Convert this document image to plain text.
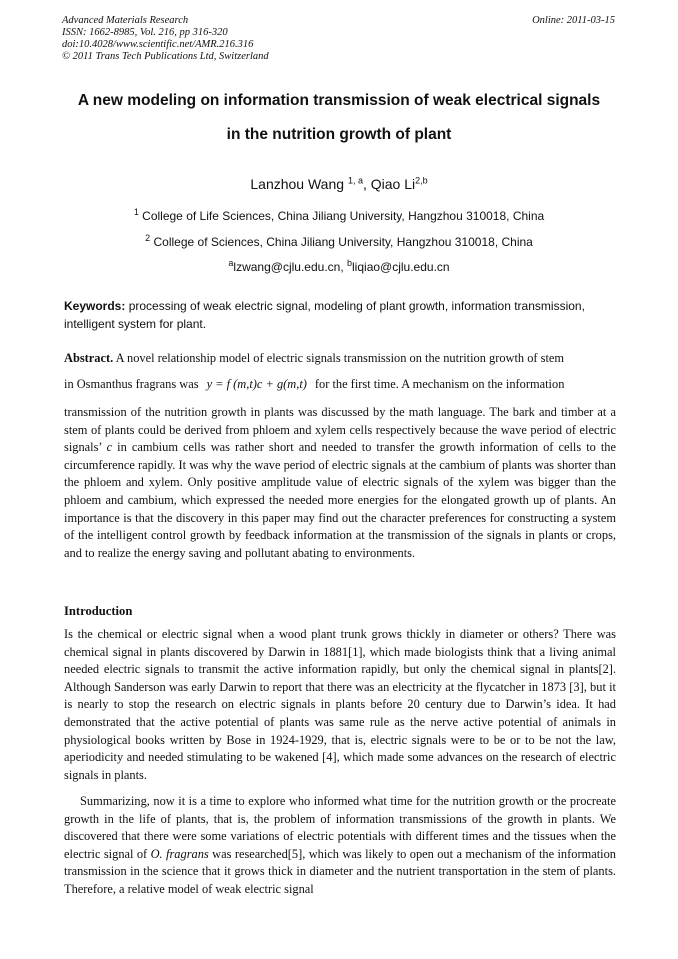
Advanced Materials Research
ISSN: 1662-8985, Vol. 216, pp 316-320
doi:10.4028/www.scientific.net/AMR.216.316
© 2011 Trans Tech Publications Ltd, Switzerland
Online: 2011-03-15
A new modeling on information transmission of weak electrical signals
in the nutrition growth of plant
Lanzhou Wang $^{1, a}$, Qiao Li$^{2,b}$
$^1$ College of Life Sciences, China Jiliang University, Hangzhou 310018, China
$^2$ College of Sciences, China Jiliang University, Hangzhou 310018, China
$^a$lzwang@cjlu.edu.cn, $^b$liqiao@cjlu.edu.cn
Keywords: processing of weak electric signal, modeling of plant growth, information transmission, intelligent system for plant.
Abstract. A novel relationship model of electric signals transmission on the nutrition growth of stem
in Osmanthus fragrans was y = f (m,t)c + g(m,t) for the first time. A mechanism on the information
transmission of the nutrition growth in plants was discussed by the math language. The bark and timber at a stem of plants could be derived from phloem and xylem cells respectively because the wave period of electric signals’ c in cambium cells was rather short and needed to transfer the growth information of cells to the circumference rapidly. It was why the wave period of electric signals at the cambium of plants was shorter than the phloem and xylem. Only positive amplitude value of electric signals of the xylem was bigger than the phloem and cambium, which expressed the needed more energies for the elongated growth up of plants. An importance is that the discovery in this paper may find out the character preferences for constructing a system of the intelligent control growth by feedback information at the transmission of the signals in plants or crops, and to realize the energy saving and pollutant abating to environments.
Introduction
Is the chemical or electric signal when a wood plant trunk grows thickly in diameter or others? There was chemical signal in plants discovered by Darwin in 1881[1], which made biologists think that a living animal needed electric signals to transmit the active information rapidly, but only the chemical signal in plants[2]. Although Sanderson was early Darwin to report that there was an electricity at the flycatcher in 1873 [3], but it is nearly to stop the research on electric signals in plants before 20 century due to Darwin’s idea. It had demonstrated that the active potential of plants was same rule as the nerve active potential of animals in physiological books written by Bose in 1924-1929, that is, electric signals were to be or to be not the law, aperiodicity and needed stimulating to be wakened [4], which made some advances on the research of electric signals in plants.
Summarizing, now it is a time to explore who informed what time for the nutrition growth or the procreate growth in the life of plants, that is, the problem of information transmissions of the growth in plants. We discovered that there were some variations of electric potentials with different times and the tissues when the electric signal of O. fragrans was researched[5], which was likely to open out a mechanism of the information transmission in the science that it grows thick in diameter and the nutrient transportation in the stem of plants. Therefore, a relative model of weak electric signal
